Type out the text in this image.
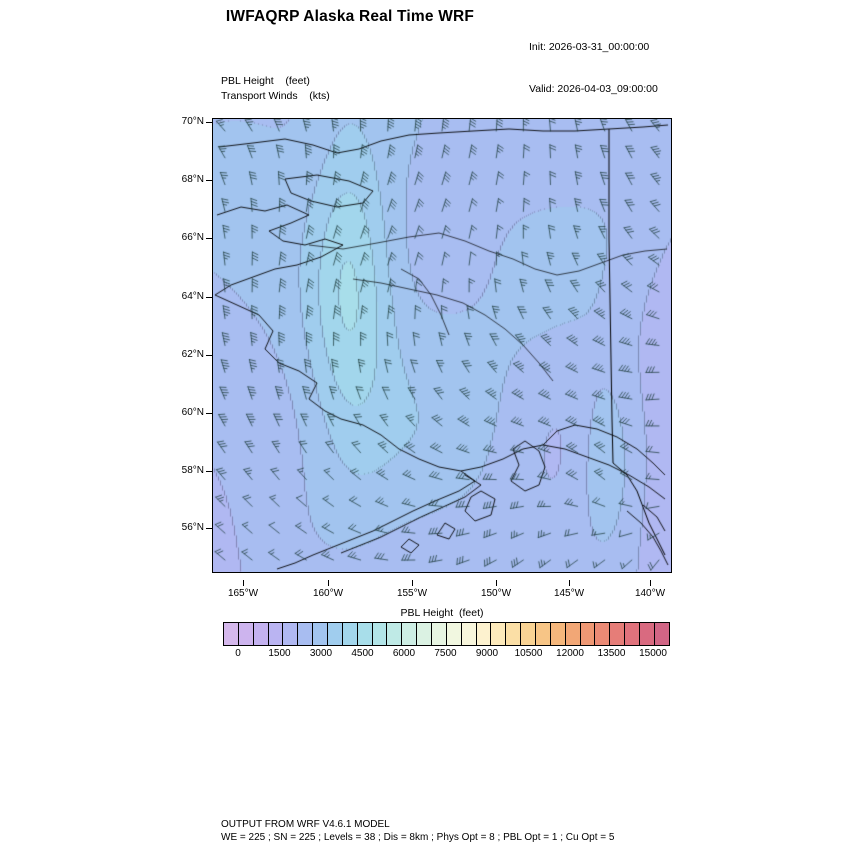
IWFAQRP Alaska Real Time WRF

Init: 2026-03-31_00:00:00

Valid: 2026-04-03_09:00:00

PBL Height    (feet)
Transport Winds    (kts)
70°N
68°N
66°N
64°N
62°N
60°N
58°N
56°N
165°W	160°W	155°W	150°W	145°W	140°W
PBL Height  (feet)
0	1500	3000	4500	6000	7500	9000	10500	12000	13500	15000
OUTPUT FROM WRF V4.6.1 MODEL
WE = 225 ; SN = 225 ; Levels = 38 ; Dis = 8km ; Phys Opt = 8 ; PBL Opt = 1 ; Cu Opt = 5
